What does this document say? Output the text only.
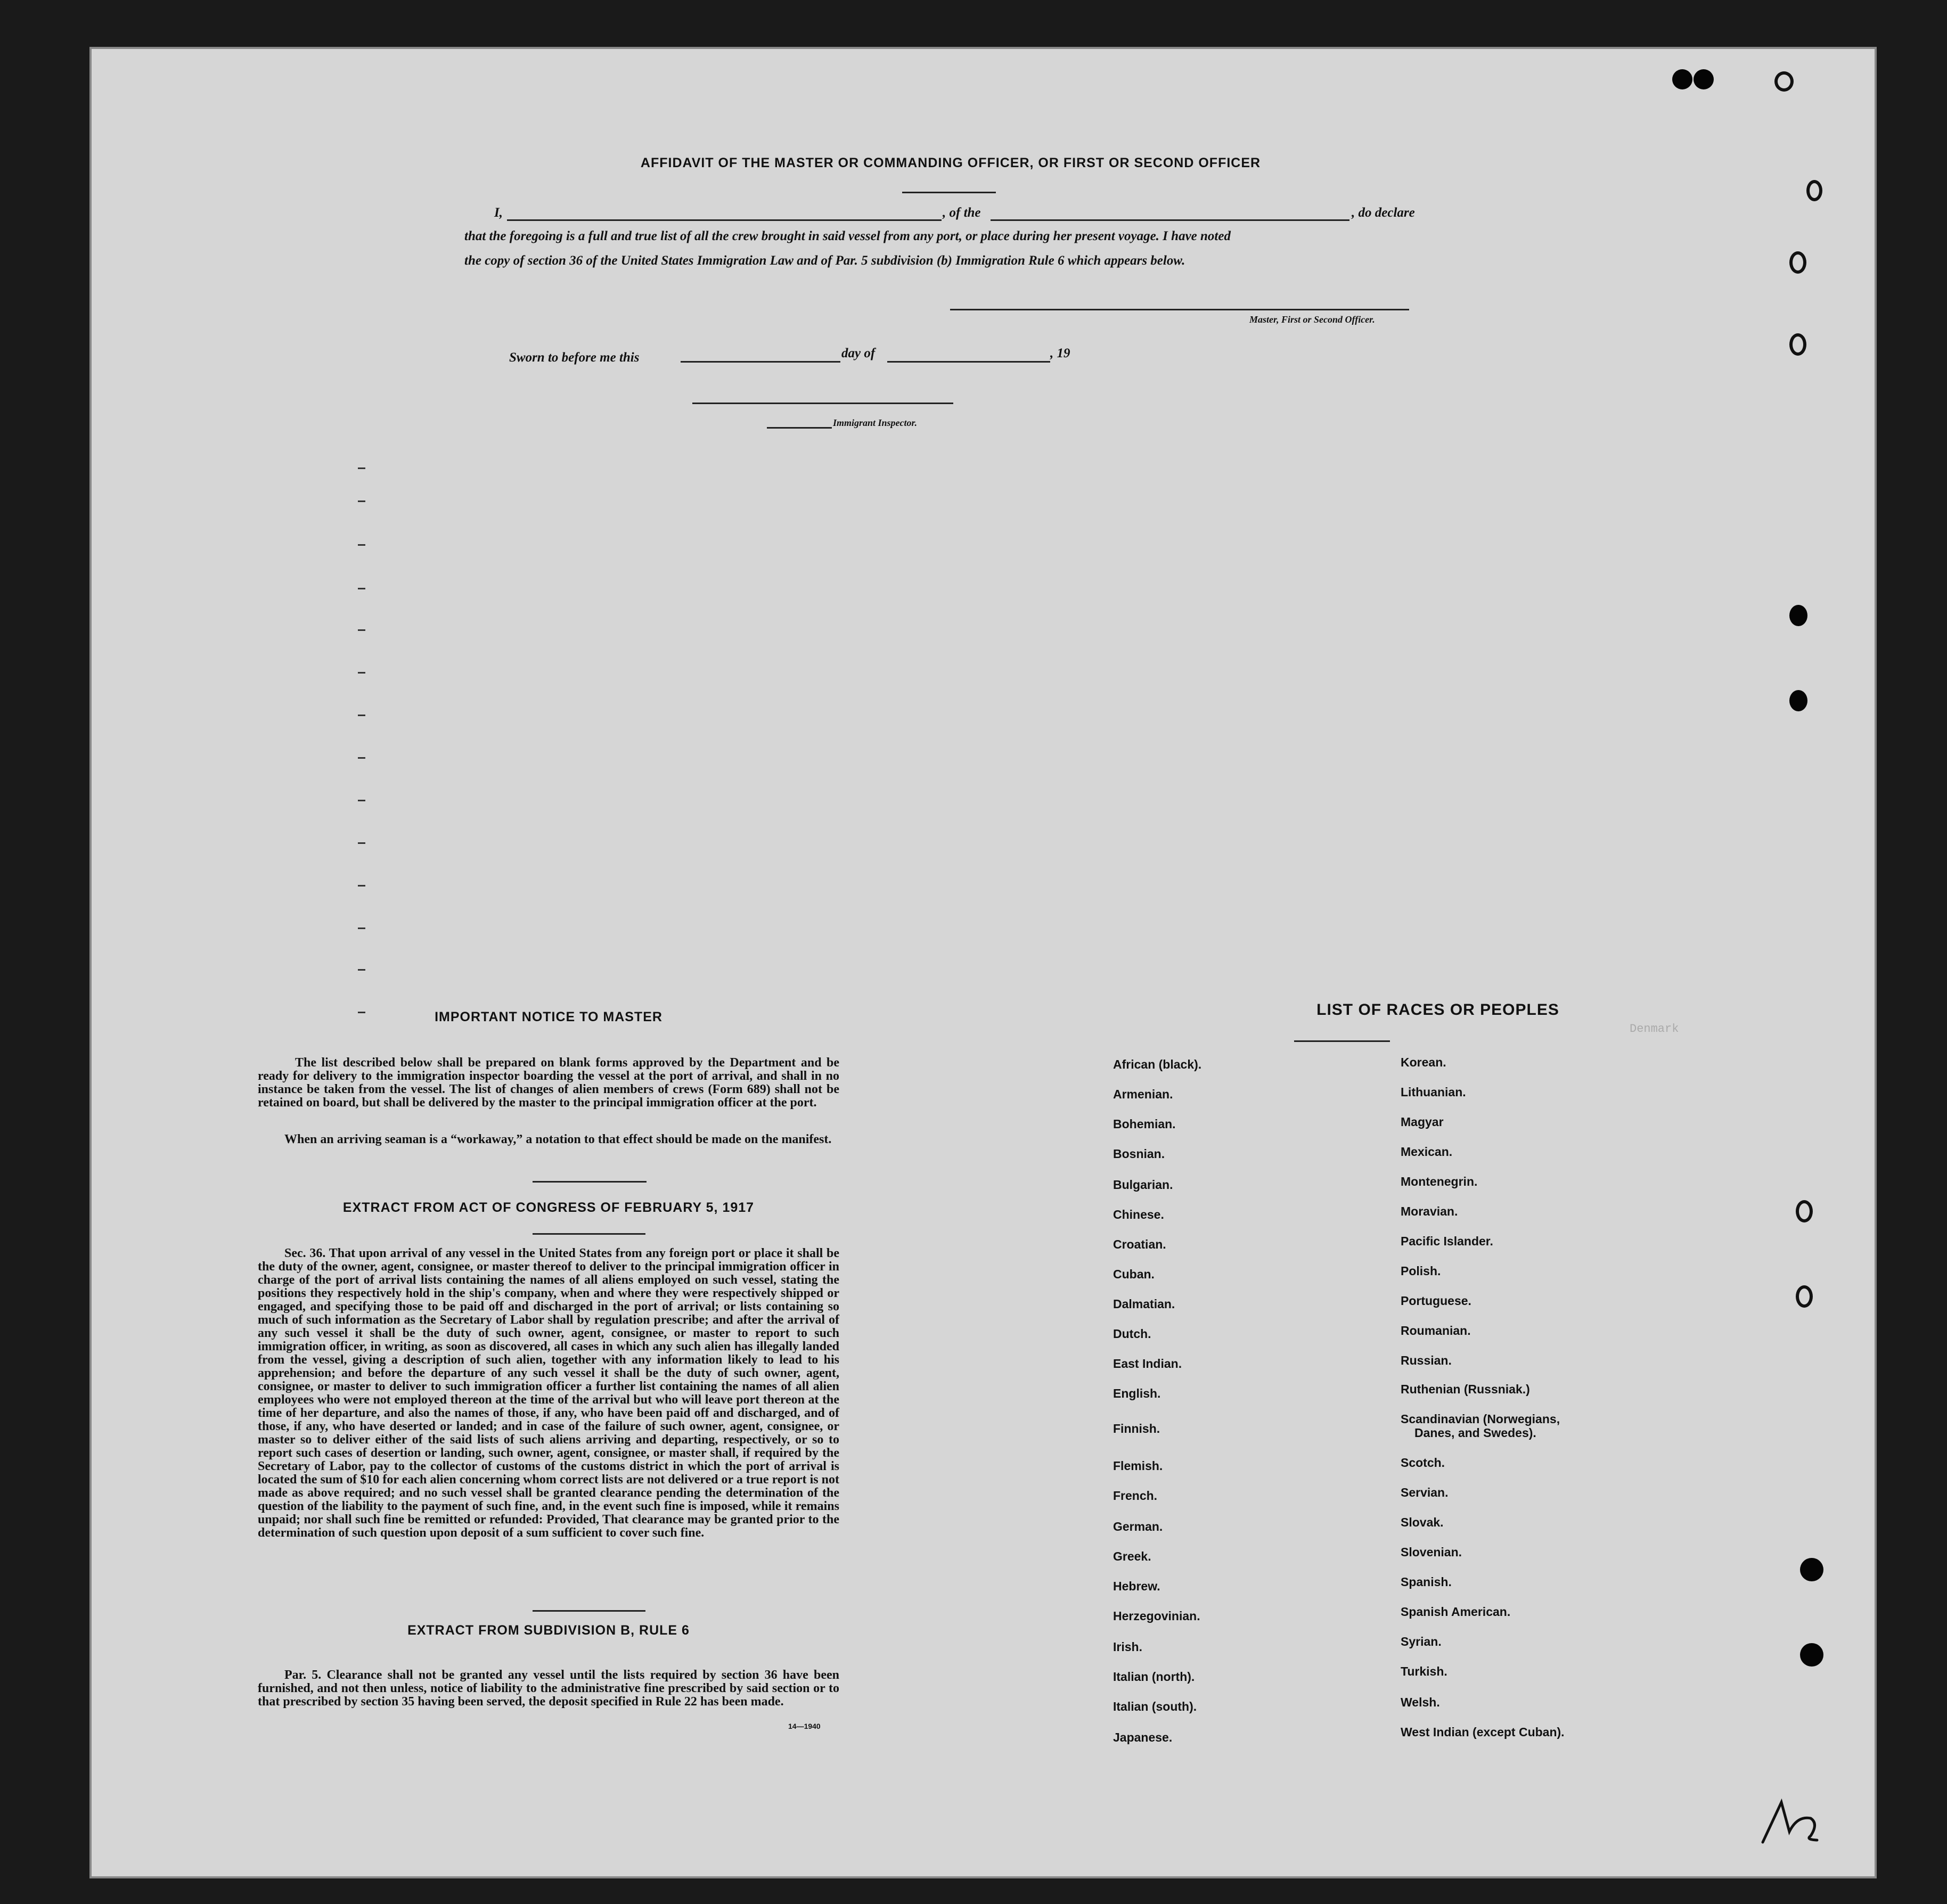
Denmark
AFFIDAVIT OF THE MASTER OR COMMANDING OFFICER, OR FIRST OR SECOND OFFICER
I,	, of the	, do declare
that the foregoing is a full and true list of all the crew brought in said vessel from any port, or place during her present voyage. I have noted
the copy of section 36 of the United States Immigration Law and of Par. 5 subdivision (b) Immigration Rule 6 which appears below.
Master, First or Second Officer.
Sworn to before me this	day of	, 19
Immigrant Inspector.
IMPORTANT NOTICE TO MASTER
The list described below shall be prepared on blank forms approved by the Department and be ready for delivery to the immigration inspector boarding the vessel at the port of arrival, and shall in no instance be taken from the vessel. The list of changes of alien members of crews (Form 689) shall not be retained on board, but shall be delivered by the master to the principal immigration officer at the port.
When an arriving seaman is a “workaway,” a notation to that effect should be made on the manifest.
EXTRACT FROM ACT OF CONGRESS OF FEBRUARY 5, 1917
Sec. 36. That upon arrival of any vessel in the United States from any foreign port or place it shall be the duty of the owner, agent, consignee, or master thereof to deliver to the principal immigration officer in charge of the port of arrival lists containing the names of all aliens employed on such vessel, stating the positions they respectively hold in the ship's company, when and where they were respectively shipped or engaged, and specifying those to be paid off and discharged in the port of arrival; or lists containing so much of such information as the Secretary of Labor shall by regulation prescribe; and after the arrival of any such vessel it shall be the duty of such owner, agent, consignee, or master to report to such immigration officer, in writing, as soon as discovered, all cases in which any such alien has illegally landed from the vessel, giving a description of such alien, together with any information likely to lead to his apprehension; and before the departure of any such vessel it shall be the duty of such owner, agent, consignee, or master to deliver to such immigration officer a further list containing the names of all alien employees who were not employed thereon at the time of the arrival but who will leave port thereon at the time of her departure, and also the names of those, if any, who have been paid off and discharged, and of those, if any, who have deserted or landed; and in case of the failure of such owner, agent, consignee, or master so to deliver either of the said lists of such aliens arriving and departing, respectively, or so to report such cases of desertion or landing, such owner, agent, consignee, or master shall, if required by the Secretary of Labor, pay to the collector of customs of the customs district in which the port of arrival is located the sum of $10 for each alien concerning whom correct lists are not delivered or a true report is not made as above required; and no such vessel shall be granted clearance pending the determination of the question of the liability to the payment of such fine, and, in the event such fine is imposed, while it remains unpaid; nor shall such fine be remitted or refunded: Provided, That clearance may be granted prior to the determination of such question upon deposit of a sum sufficient to cover such fine.
EXTRACT FROM SUBDIVISION B, RULE 6
Par. 5. Clearance shall not be granted any vessel until the lists required by section 36 have been furnished, and not then unless, notice of liability to the administrative fine prescribed by said section or to that prescribed by section 35 having been served, the deposit specified in Rule 22 has been made.
14—1940
LIST OF RACES OR PEOPLES
African (black).
Armenian.
Bohemian.
Bosnian.
Bulgarian.
Chinese.
Croatian.
Cuban.
Dalmatian.
Dutch.
East Indian.
English.
Finnish.
Flemish.
French.
German.
Greek.
Hebrew.
Herzegovinian.
Irish.
Italian (north).
Italian (south).
Japanese.
Korean.
Lithuanian.
Magyar
Mexican.
Montenegrin.
Moravian.
Pacific Islander.
Polish.
Portuguese.
Roumanian.
Russian.
Ruthenian (Russniak.)
Scandinavian (Norwegians,
Danes, and Swedes).
Scotch.
Servian.
Slovak.
Slovenian.
Spanish.
Spanish American.
Syrian.
Turkish.
Welsh.
West Indian (except Cuban).
